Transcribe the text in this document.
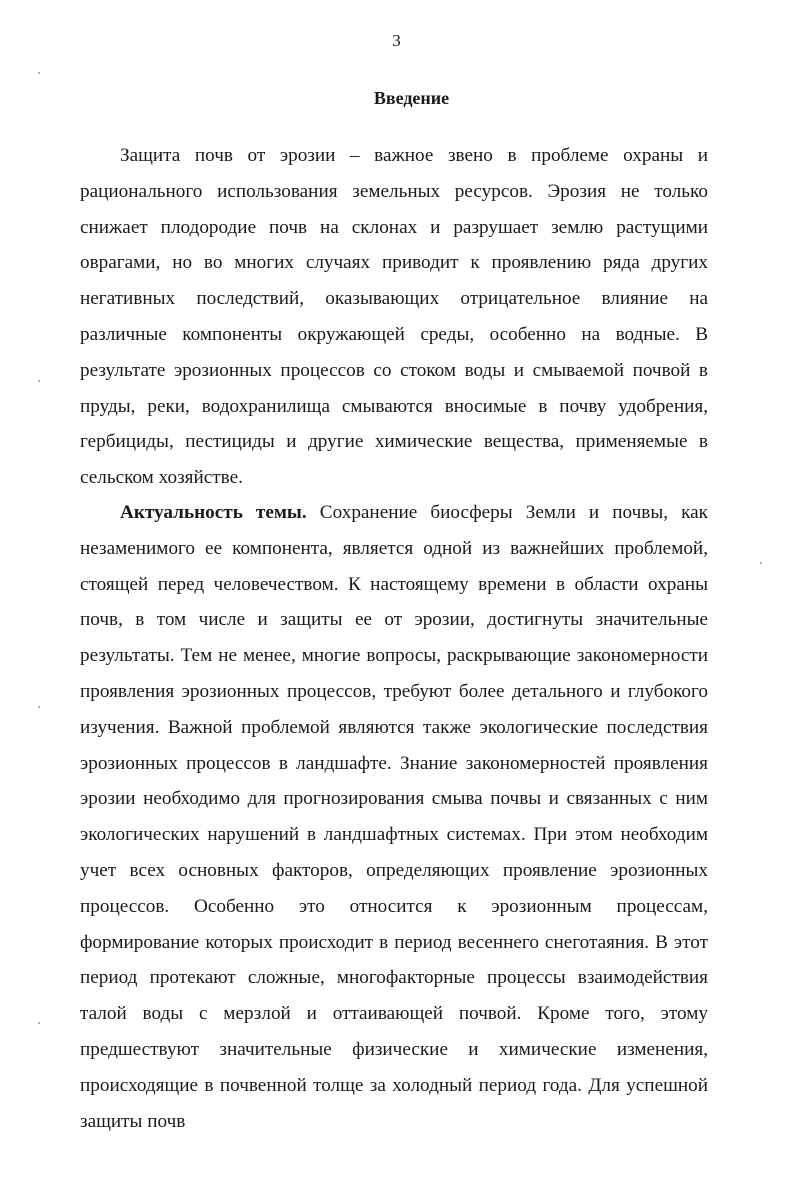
3
Введение

Защита почв от эрозии – важное звено в проблеме охраны и рационального использования земельных ресурсов. Эрозия не только снижает плодородие почв на склонах и разрушает землю растущими оврагами, но во многих случаях приводит к проявлению ряда других негативных последствий, оказывающих отрицательное влияние на различные компоненты окружающей среды, особенно на водные. В результате эрозионных процессов со стоком воды и смываемой почвой в пруды, реки, водохранилища смываются вносимые в почву удобрения, гербициды, пестициды и другие химические вещества, применяемые в сельском хозяйстве.

Актуальность темы. Сохранение биосферы Земли и почвы, как незаменимого ее компонента, является одной из важнейших проблемой, стоящей перед человечеством. К настоящему времени в области охраны почв, в том числе и защиты ее от эрозии, достигнуты значительные результаты. Тем не менее, многие вопросы, раскрывающие закономерности проявления эрозионных процессов, требуют более детального и глубокого изучения. Важной проблемой являются также экологические последствия эрозионных процессов в ландшафте. Знание закономерностей проявления эрозии необходимо для прогнозирования смыва почвы и связанных с ним экологических нарушений в ландшафтных системах. При этом необходим учет всех основных факторов, определяющих проявление эрозионных процессов. Особенно это относится к эрозионным процессам, формирование которых происходит в период весеннего снеготаяния. В этот период протекают сложные, многофакторные процессы взаимодействия талой воды с мерзлой и оттаивающей почвой. Кроме того, этому предшествуют значительные физические и химические изменения, происходящие в почвенной толще за холодный период года. Для успешной защиты почв
